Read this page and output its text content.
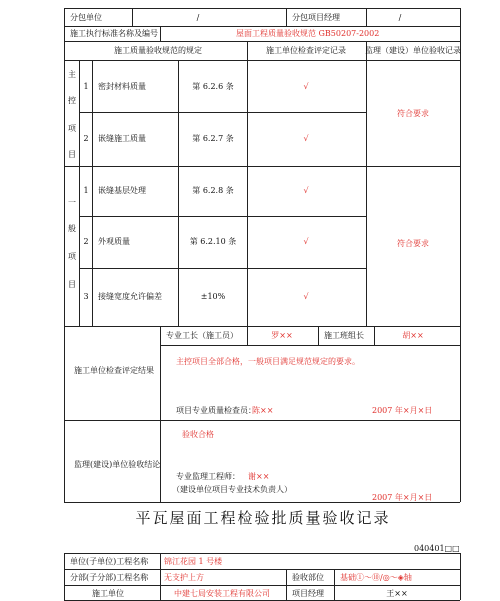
分包单位	/	分包项目经理	/
施工执行标准名称及编号	屋面工程质量验收规范 GB50207-2002
施工质量验收规范的规定	施工单位检查评定记录 监理（建设）单位验收记录
主
控
项
目
1 密封材料质量	第 6.2.6 条	√
2 嵌缝施工质量	第 6.2.7 条	√
符合要求
一
般
项
目
1 嵌缝基层处理	第 6.2.8 条	√
2 外观质量	第 6.2.10 条	√
3 接缝宽度允许偏差	±10%	√
符合要求
专业工长（施工员）	罗××	施工班组长	胡××
施工单位检查评定结果
主控项目全部合格，一般项目满足规范规定的要求。
项目专业质量检查员：
陈××	2007 年×月×日
监理(建设)单位验收结论
验收合格
专业监理工程师： 谢××
（建设单位项目专业技术负责人）
2007 年×月×日
平瓦屋面工程检验批质量验收记录
040401□□
单位(子单位)工程名称 锦江花园 1 号楼
分部(子分部)工程名称 无支护上方	验收部位 基础①～⑩/◎～◈轴
施工单位	中建七局安装工程有限公司	项目经理	王××
